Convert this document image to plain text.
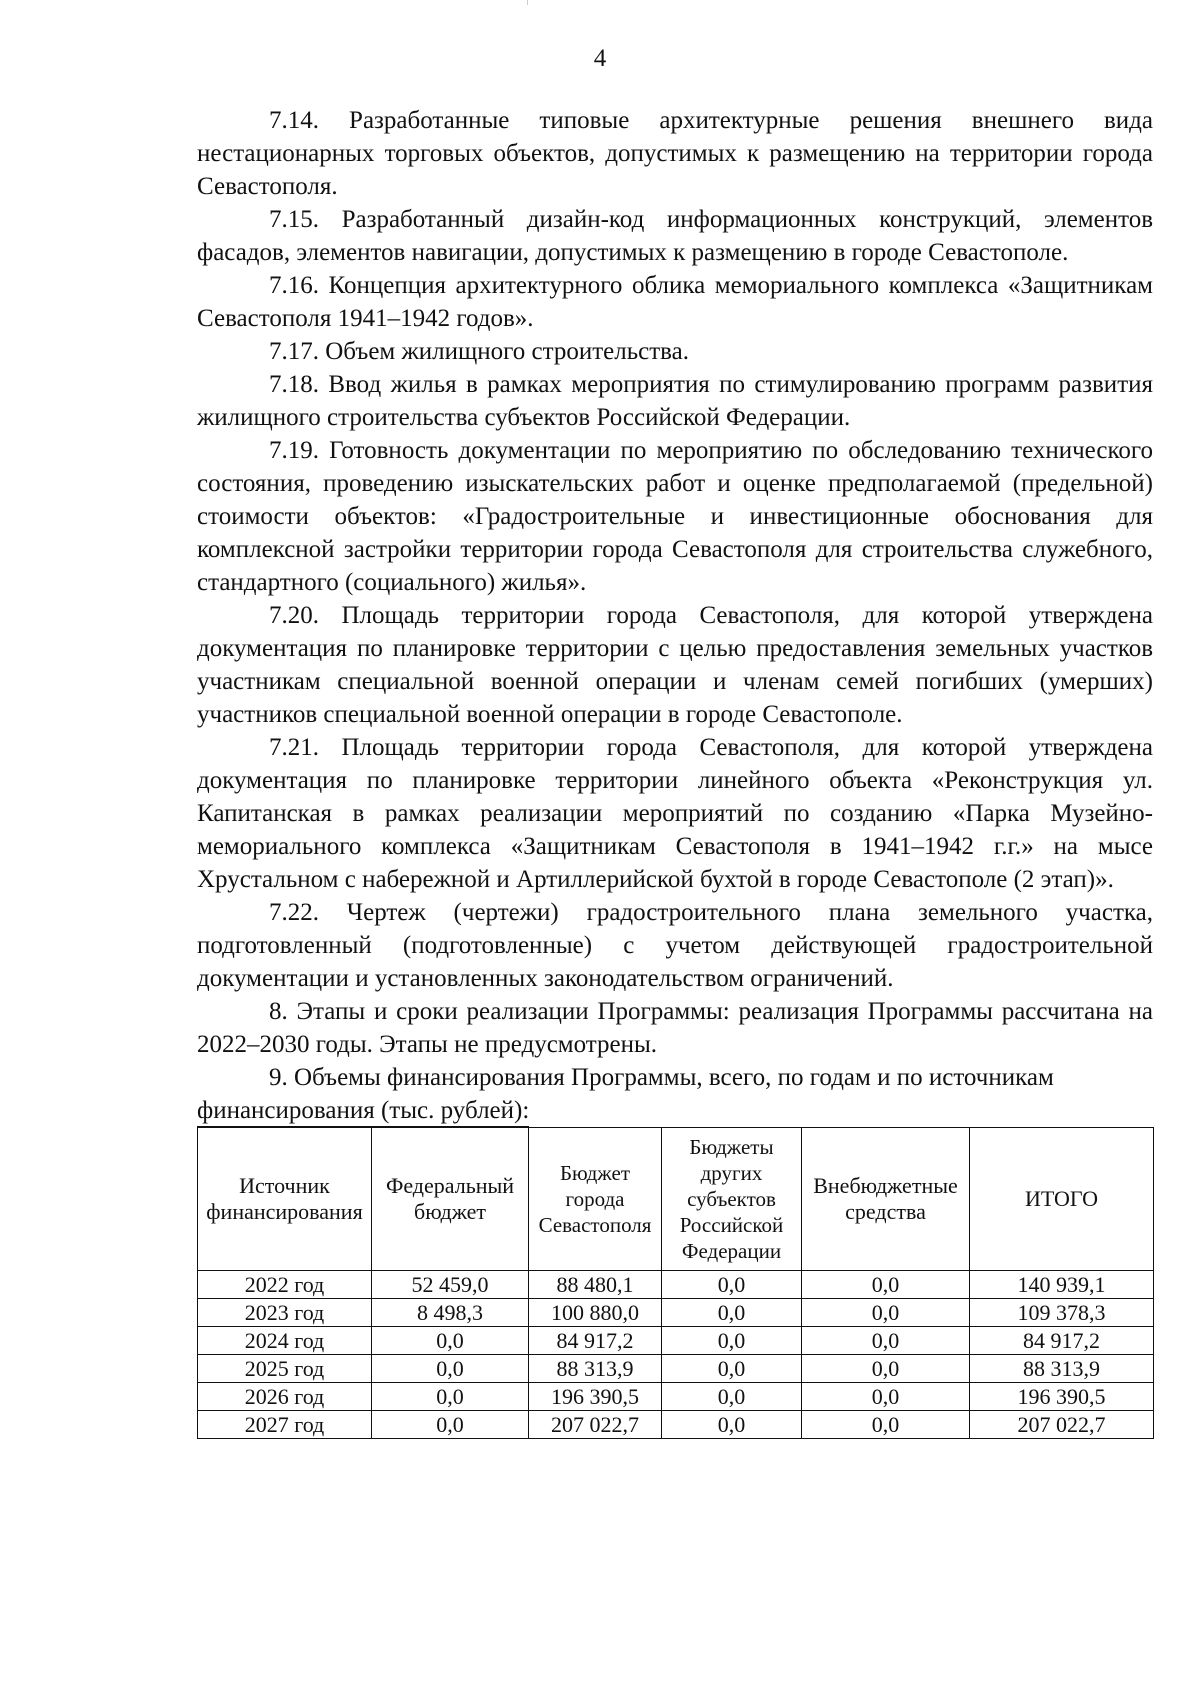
4

7.14. Разработанные типовые архитектурные решения внешнего вида нестационарных торговых объектов, допустимых к размещению на территории города Севастополя.

7.15. Разработанный дизайн-код информационных конструкций, элементов фасадов, элементов навигации, допустимых к размещению в городе Севастополе.

7.16. Концепция архитектурного облика мемориального комплекса «Защитникам Севастополя 1941–1942 годов».

7.17. Объем жилищного строительства.

7.18. Ввод жилья в рамках мероприятия по стимулированию программ развития жилищного строительства субъектов Российской Федерации.

7.19. Готовность документации по мероприятию по обследованию технического состояния, проведению изыскательских работ и оценке предполагаемой (предельной) стоимости объектов: «Градостроительные и инвестиционные обоснования для комплексной застройки территории города Севастополя для строительства служебного, стандартного (социального) жилья».

7.20. Площадь территории города Севастополя, для которой утверждена документация по планировке территории с целью предоставления земельных участков участникам специальной военной операции и членам семей погибших (умерших) участников специальной военной операции в городе Севастополе.

7.21. Площадь территории города Севастополя, для которой утверждена документация по планировке территории линейного объекта «Реконструкция ул. Капитанская в рамках реализации мероприятий по созданию «Парка Музейно-мемориального комплекса «Защитникам Севастополя в 1941–1942 г.г.» на мысе Хрустальном с набережной и Артиллерийской бухтой в городе Севастополе (2 этап)».

7.22. Чертеж (чертежи) градостроительного плана земельного участка, подготовленный (подготовленные) с учетом действующей градостроительной документации и установленных законодательством ограничений.

8. Этапы и сроки реализации Программы: реализация Программы рассчитана на 2022–2030 годы. Этапы не предусмотрены.

9. Объемы финансирования Программы, всего, по годам и по источникам

финансирования (тыс. рублей):

Источник финансирования	Федеральный бюджет	Бюджет города Севастополя	Бюджеты других субъектов Российской Федерации	Внебюджетные средства	ИТОГО
2022 год	52 459,0	88 480,1	0,0	0,0	140 939,1
2023 год	8 498,3	100 880,0	0,0	0,0	109 378,3
2024 год	0,0	84 917,2	0,0	0,0	84 917,2
2025 год	0,0	88 313,9	0,0	0,0	88 313,9
2026 год	0,0	196 390,5	0,0	0,0	196 390,5
2027 год	0,0	207 022,7	0,0	0,0	207 022,7
